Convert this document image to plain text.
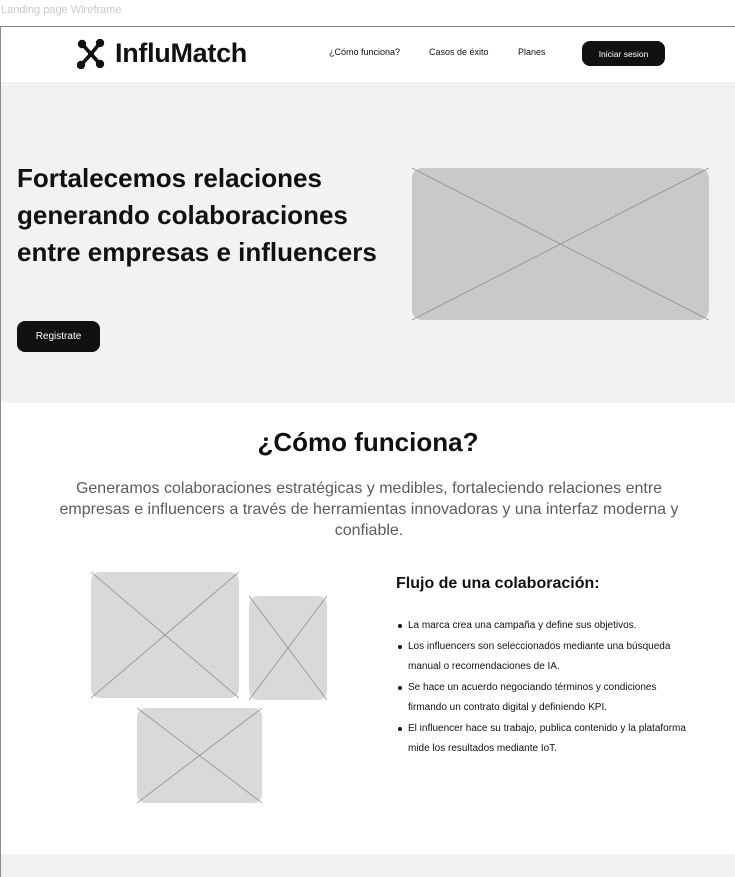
Landing page Wireframe
InfluMatch	¿Cómo funciona?	Casos de éxito	Planes	Iniciar sesion
Fortalecemos relaciones generando colaboraciones entre empresas e influencers
Registrate
¿Cómo funciona?

Generamos colaboraciones estratégicas y medibles, fortaleciendo relaciones entre empresas e influencers a través de herramientas innovadoras y una interfaz moderna y confiable.

Flujo de una colaboración:
La marca crea una campaña y define sus objetivos.
Los influencers son seleccionados mediante una búsqueda manual o recomendaciones de IA.
Se hace un acuerdo negociando términos y condiciones firmando un contrato digital y definiendo KPI.
El influencer hace su trabajo, publica contenido y la plataforma mide los resultados mediante IoT.
